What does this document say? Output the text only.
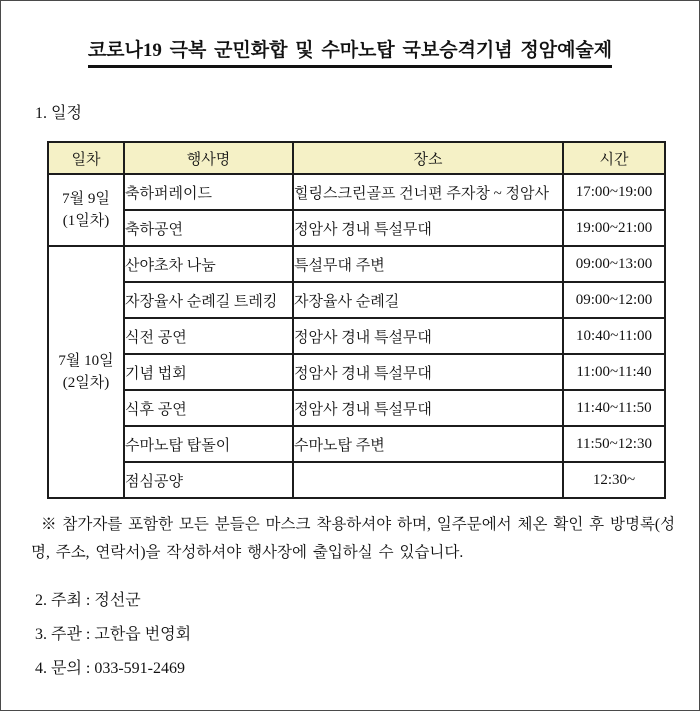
코로나19 극복 군민화합 및 수마노탑 국보승격기념 정암예술제
1. 일정
일차	행사명	장소	시간
7월 9일
(1일차)	축하퍼레이드	힐링스크린골프 건너편 주자창 ~ 정암사	17:00~19:00
	축하공연	정암사 경내 특설무대	19:00~21:00
7월 10일
(2일차)	산야초차 나눔	특설무대 주변	09:00~13:00
	자장율사 순례길 트레킹	자장율사 순례길	09:00~12:00
	식전 공연	정암사 경내 특설무대	10:40~11:00
	기념 법회	정암사 경내 특설무대	11:00~11:40
	식후 공연	정암사 경내 특설무대	11:40~11:50
	수마노탑 탑돌이	수마노탑 주변	11:50~12:30
	점심공양		12:30~

※ 참가자를 포함한 모든 분들은 마스크 착용하셔야 하며, 일주문에서 체온 확인 후 방명록(성명, 주소, 연락서)을 작성하셔야 행사장에 출입하실 수 있습니다.

2. 주최 : 정선군
3. 주관 : 고한읍 번영회
4. 문의 : 033-591-2469
